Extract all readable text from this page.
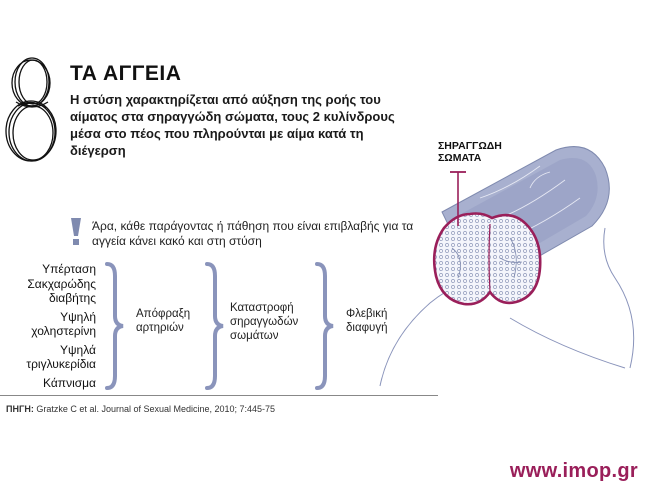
ΤΑ ΑΓΓΕΙΑ
Η στύση χαρακτηρίζεται από αύξηση της ροής του αίματος στα σηραγγώδη σώματα, τους 2 κυλίνδρους μέσα στο πέος που πληρούνται με αίμα κατά τη διέγερση
Άρα, κάθε παράγοντας ή πάθηση που είναι επιβλαβής για τα αγγεία κάνει κακό και στη στύση
Υπέρταση
Σακχαρώδης διαβήτης
Υψηλή χοληστερίνη
Υψηλά τριγλυκερίδια
Κάπνισμα
Απόφραξη αρτηριών
Καταστροφή σηραγγωδών σωμάτων
Φλεβική διαφυγή
ΠΗΓΗ: Gratzke C et al. Journal of Sexual Medicine, 2010; 7:445-75
www.imop.gr
ΣΗΡΑΓΓΩΔΗ ΣΩΜΑΤΑ
